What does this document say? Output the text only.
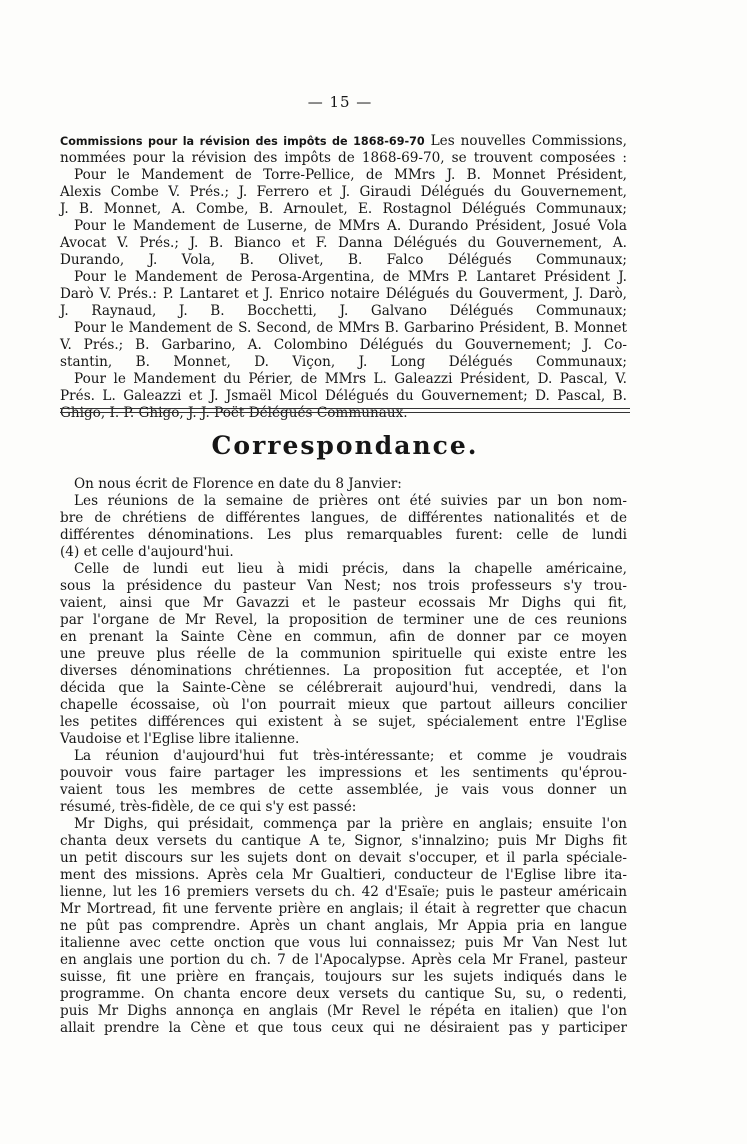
— 15 —
Commissions pour la révision des impôts de 1868-69-70 Les nouvelles Commissions,
nommées pour la révision des impôts de 1868-69-70, se trouvent composées :
Pour le Mandement de Torre-Pellice, de MMrs J. B. Monnet Président,
Alexis Combe V. Prés.; J. Ferrero et J. Giraudi Délégués du Gouvernement,
J. B. Monnet, A. Combe, B. Arnoulet, E. Rostagnol Délégués Communaux;
Pour le Mandement de Luserne, de MMrs A. Durando Président, Josué Vola
Avocat V. Prés.; J. B. Bianco et F. Danna Délégués du Gouvernement, A.
Durando, J. Vola, B. Olivet, B. Falco Délégués Communaux;
Pour le Mandement de Perosa-Argentina, de MMrs P. Lantaret Président J.
Darò V. Prés.: P. Lantaret et J. Enrico notaire Délégués du Gouverment, J. Darò,
J. Raynaud, J. B. Bocchetti, J. Galvano Délégués Communaux;
Pour le Mandement de S. Second, de MMrs B. Garbarino Président, B. Monnet
V. Prés.; B. Garbarino, A. Colombino Délégués du Gouvernement; J. Co-
stantin, B. Monnet, D. Viçon, J. Long Délégués Communaux;
Pour le Mandement du Périer, de MMrs L. Galeazzi Président, D. Pascal, V.
Prés. L. Galeazzi et J. Jsmaël Micol Délégués du Gouvernement; D. Pascal, B.
Ghigo, I. P. Ghigo, J. J. Poët Délégués Communaux.
Correspondance.
On nous écrit de Florence en date du 8 Janvier:
Les réunions de la semaine de prières ont été suivies par un bon nom-
bre de chrétiens de différentes langues, de différentes nationalités et de
différentes dénominations. Les plus remarquables furent: celle de lundi
(4) et celle d'aujourd'hui.
Celle de lundi eut lieu à midi précis, dans la chapelle américaine,
sous la présidence du pasteur Van Nest; nos trois professeurs s'y trou-
vaient, ainsi que Mr Gavazzi et le pasteur ecossais Mr Dighs qui fit,
par l'organe de Mr Revel, la proposition de terminer une de ces reunions
en prenant la Sainte Cène en commun, afin de donner par ce moyen
une preuve plus réelle de la communion spirituelle qui existe entre les
diverses dénominations chrétiennes. La proposition fut acceptée, et l'on
décida que la Sainte-Cène se célébrerait aujourd'hui, vendredi, dans la
chapelle écossaise, où l'on pourrait mieux que partout ailleurs concilier
les petites différences qui existent à se sujet, spécialement entre l'Eglise
Vaudoise et l'Eglise libre italienne.
La réunion d'aujourd'hui fut très-intéressante; et comme je voudrais
pouvoir vous faire partager les impressions et les sentiments qu'éprou-
vaient tous les membres de cette assemblée, je vais vous donner un
résumé, très-fidèle, de ce qui s'y est passé:
Mr Dighs, qui présidait, commença par la prière en anglais; ensuite l'on
chanta deux versets du cantique A te, Signor, s'innalzino; puis Mr Dighs fit
un petit discours sur les sujets dont on devait s'occuper, et il parla spéciale-
ment des missions. Après cela Mr Gualtieri, conducteur de l'Eglise libre ita-
lienne, lut les 16 premiers versets du ch. 42 d'Esaïe; puis le pasteur américain
Mr Mortread, fit une fervente prière en anglais; il était à regretter que chacun
ne pût pas comprendre. Après un chant anglais, Mr Appia pria en langue
italienne avec cette onction que vous lui connaissez; puis Mr Van Nest lut
en anglais une portion du ch. 7 de l'Apocalypse. Après cela Mr Franel, pasteur
suisse, fit une prière en français, toujours sur les sujets indiqués dans le
programme. On chanta encore deux versets du cantique Su, su, o redenti,
puis Mr Dighs annonça en anglais (Mr Revel le répéta en italien) que l'on
allait prendre la Cène et que tous ceux qui ne désiraient pas y participer
